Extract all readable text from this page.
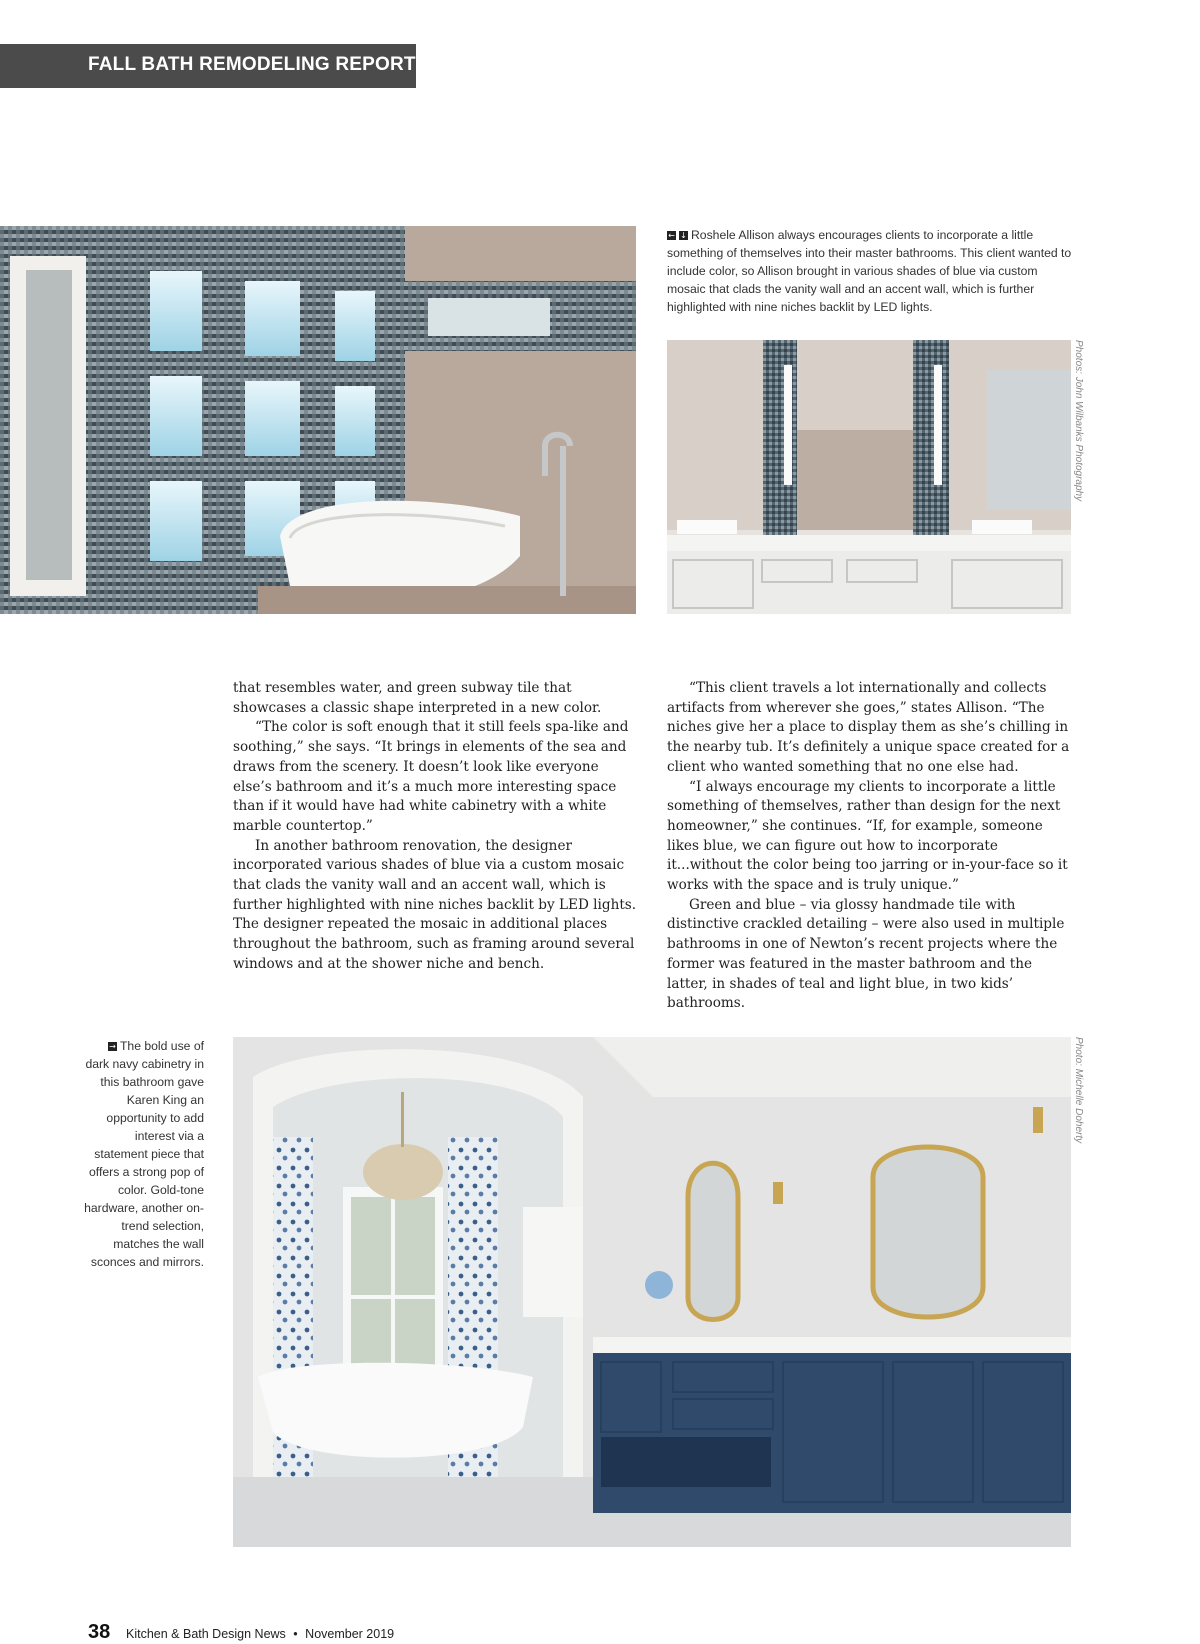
FALL BATH REMODELING REPORT
← ↓ Roshele Allison always encourages clients to incorporate a little something of themselves into their master bathrooms. This client wanted to include color, so Allison brought in various shades of blue via custom mosaic that clads the vanity wall and an accent wall, which is further highlighted with nine niches backlit by LED lights.
Photos: John Wilbanks Photography

that resembles water, and green subway tile that showcases a classic shape interpreted in a new color.

“The color is soft enough that it still feels spa-like and soothing,” she says. “It brings in elements of the sea and draws from the scenery. It doesn’t look like everyone else’s bathroom and it’s a much more interesting space than if it would have had white cabinetry with a white marble countertop.”

In another bathroom renovation, the designer incorporated various shades of blue via a custom mosaic that clads the vanity wall and an accent wall, which is further highlighted with nine niches backlit by LED lights. The designer repeated the mosaic in additional places throughout the bathroom, such as framing around several windows and at the shower niche and bench.

“This client travels a lot internationally and collects artifacts from wherever she goes,” states Allison. “The niches give her a place to display them as she’s chilling in the nearby tub. It’s definitely a unique space created for a client who wanted something that no one else had.

“I always encourage my clients to incorporate a little something of themselves, rather than design for the next homeowner,” she continues. “If, for example, someone likes blue, we can figure out how to incorporate it...without the color being too jarring or in-your-face so it works with the space and is truly unique.”

Green and blue – via glossy handmade tile with distinctive crackled detailing – were also used in multiple bathrooms in one of Newton’s recent projects where the former was featured in the master bathroom and the latter, in shades of teal and light blue, in two kids’ bathrooms.

→ The bold use of dark navy cabinetry in this bathroom gave Karen King an opportunity to add interest via a statement piece that offers a strong pop of color. Gold-tone hardware, another on-trend selection, matches the wall sconces and mirrors.
Photo: Michelle Doherty
38 Kitchen & Bath Design News • November 2019
